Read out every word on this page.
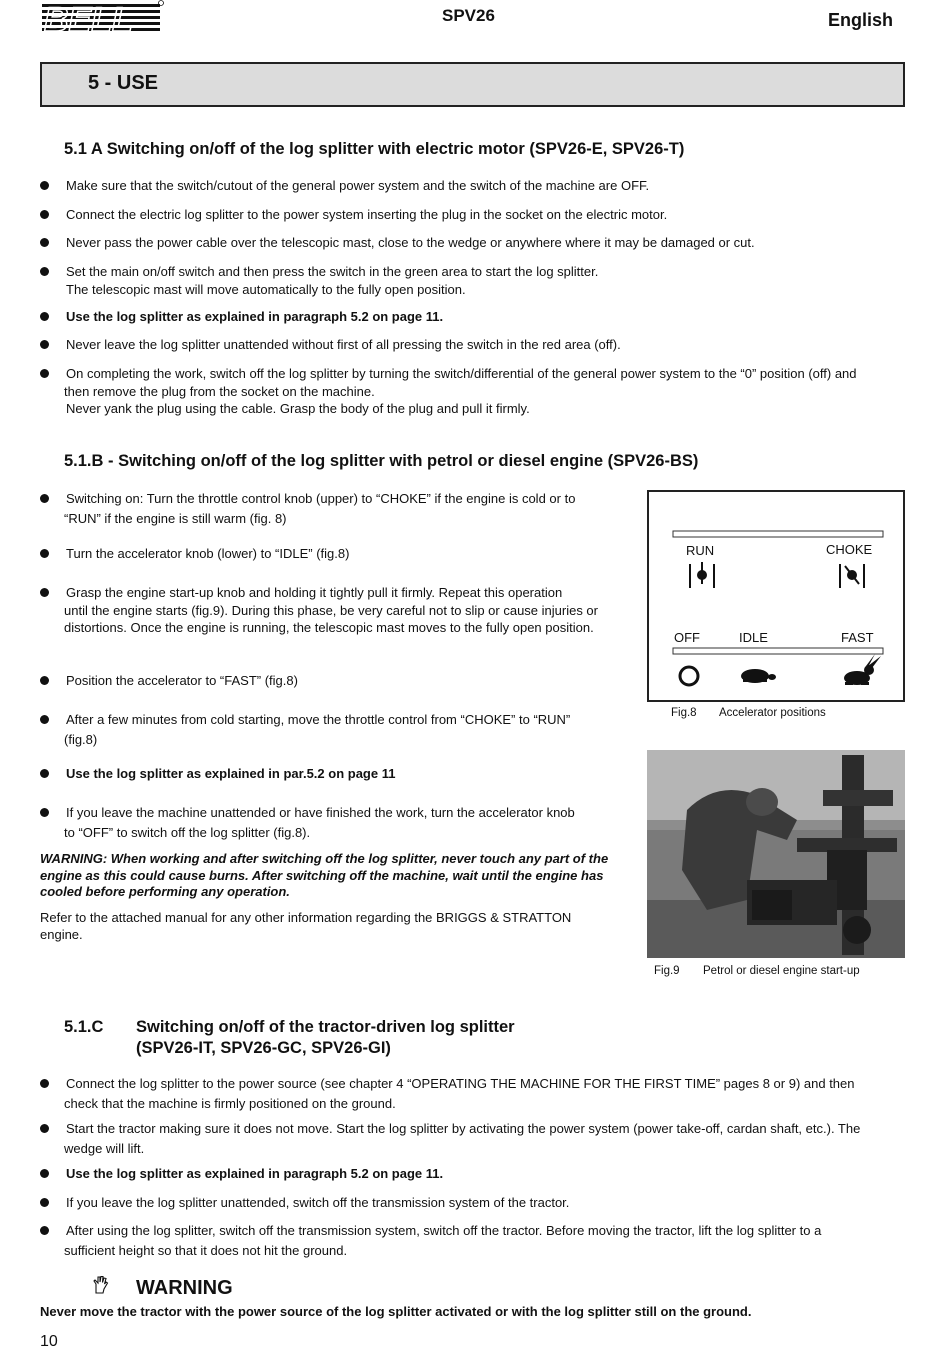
BELL	SPV26	English
5 - USE
5.1 A Switching on/off of the log splitter with electric motor (SPV26-E, SPV26-T)
Make sure that the switch/cutout of the general power system and the switch of the machine are OFF.
Connect the electric log splitter to the power system inserting the plug in the socket on the electric motor.
Never pass the power cable over the telescopic mast, close to the wedge or anywhere where it may be damaged or cut.
Set the main on/off switch and then press the switch in the green area to start the log splitter.
The telescopic mast will move automatically to the fully open position.
Use the log splitter as explained in paragraph 5.2 on page 11.
Never leave the log splitter unattended without first of all pressing the switch in the red area (off).
On completing the work, switch off the log splitter by turning the switch/differential of the general power system to the “0” position (off) and
then remove the plug from the socket on the machine.
Never yank the plug using the cable. Grasp the body of the plug and pull it firmly.
5.1.B - Switching on/off of the log splitter with petrol or diesel engine (SPV26-BS)
Switching on: Turn the throttle control knob (upper) to “CHOKE” if the engine is cold or to
“RUN” if the engine is still warm (fig. 8)
Turn the accelerator knob (lower) to “IDLE” (fig.8)
Grasp the engine start-up knob and holding it tightly pull it firmly. Repeat this operation
until the engine starts (fig.9). During this phase, be very careful not to slip or cause injuries or distortions. Once the engine is running, the telescopic mast moves to the fully open position.
Position the accelerator to “FAST” (fig.8)
After a few minutes from cold starting, move the throttle control from “CHOKE” to “RUN”
(fig.8)
Use the log splitter as explained in par.5.2 on page 11
If you leave the machine unattended or have finished the work, turn the accelerator knob
to “OFF” to switch off the log splitter (fig.8).
WARNING: When working and after switching off the log splitter, never touch any part of the engine as this could cause burns. After switching off the machine, wait until the engine has cooled before performing any operation.
Refer to the attached manual for any other information regarding the BRIGGS & STRATTON engine.
RUN	CHOKE
OFF	IDLE	FAST
Fig.8 Accelerator positions
Fig.9 Petrol or diesel engine start-up
5.1.C Switching on/off of the tractor-driven log splitter
(SPV26-IT, SPV26-GC, SPV26-GI)
Connect the log splitter to the power source (see chapter 4 “OPERATING THE MACHINE FOR THE FIRST TIME” pages 8 or 9) and then
check that the machine is firmly positioned on the ground.
Start the tractor making sure it does not move. Start the log splitter by activating the power system (power take-off, cardan shaft, etc.). The
wedge will lift.
Use the log splitter as explained in paragraph 5.2 on page 11.
If you leave the log splitter unattended, switch off the transmission system of the tractor.
After using the log splitter, switch off the transmission system, switch off the tractor. Before moving the tractor, lift the log splitter to a
sufficient height so that it does not hit the ground.
WARNING
Never move the tractor with the power source of the log splitter activated or with the log splitter still on the ground.
10
